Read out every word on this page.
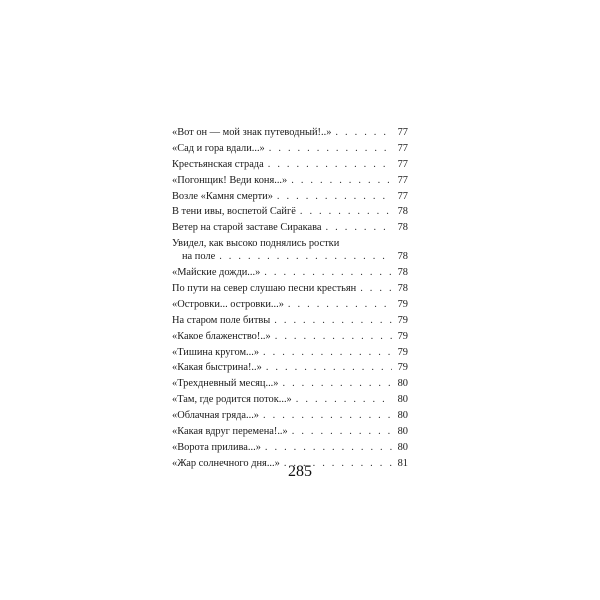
«Вот он — мой знак путеводный!..» . . .	77
«Сад и гора вдали...» . . .	77
Крестьянская страда . . .	77
«Погонщик! Веди коня...» . . .	77
Возле «Камня смерти» . . .	77
В тени ивы, воспетой Сайгё . . .	78
Ветер на старой заставе Сиракава . . .	78
Увидел, как высоко поднялись ростки
на поле . . .	78
«Майские дожди...» . . .	78
По пути на север слушаю песни крестьян . . .	78
«Островки... островки...» . . .	79
На старом поле битвы . . .	79
«Какое блаженство!..» . . .	79
«Тишина кругом...» . . .	79
«Какая быстрина!..» . . .	79
«Трехдневный месяц...» . . .	80
«Там, где родится поток...» . . .	80
«Облачная гряда...» . . .	80
«Какая вдруг перемена!..» . . .	80
«Ворота прилива...» . . .	80
«Жар солнечного дня...» . . .	81
285
